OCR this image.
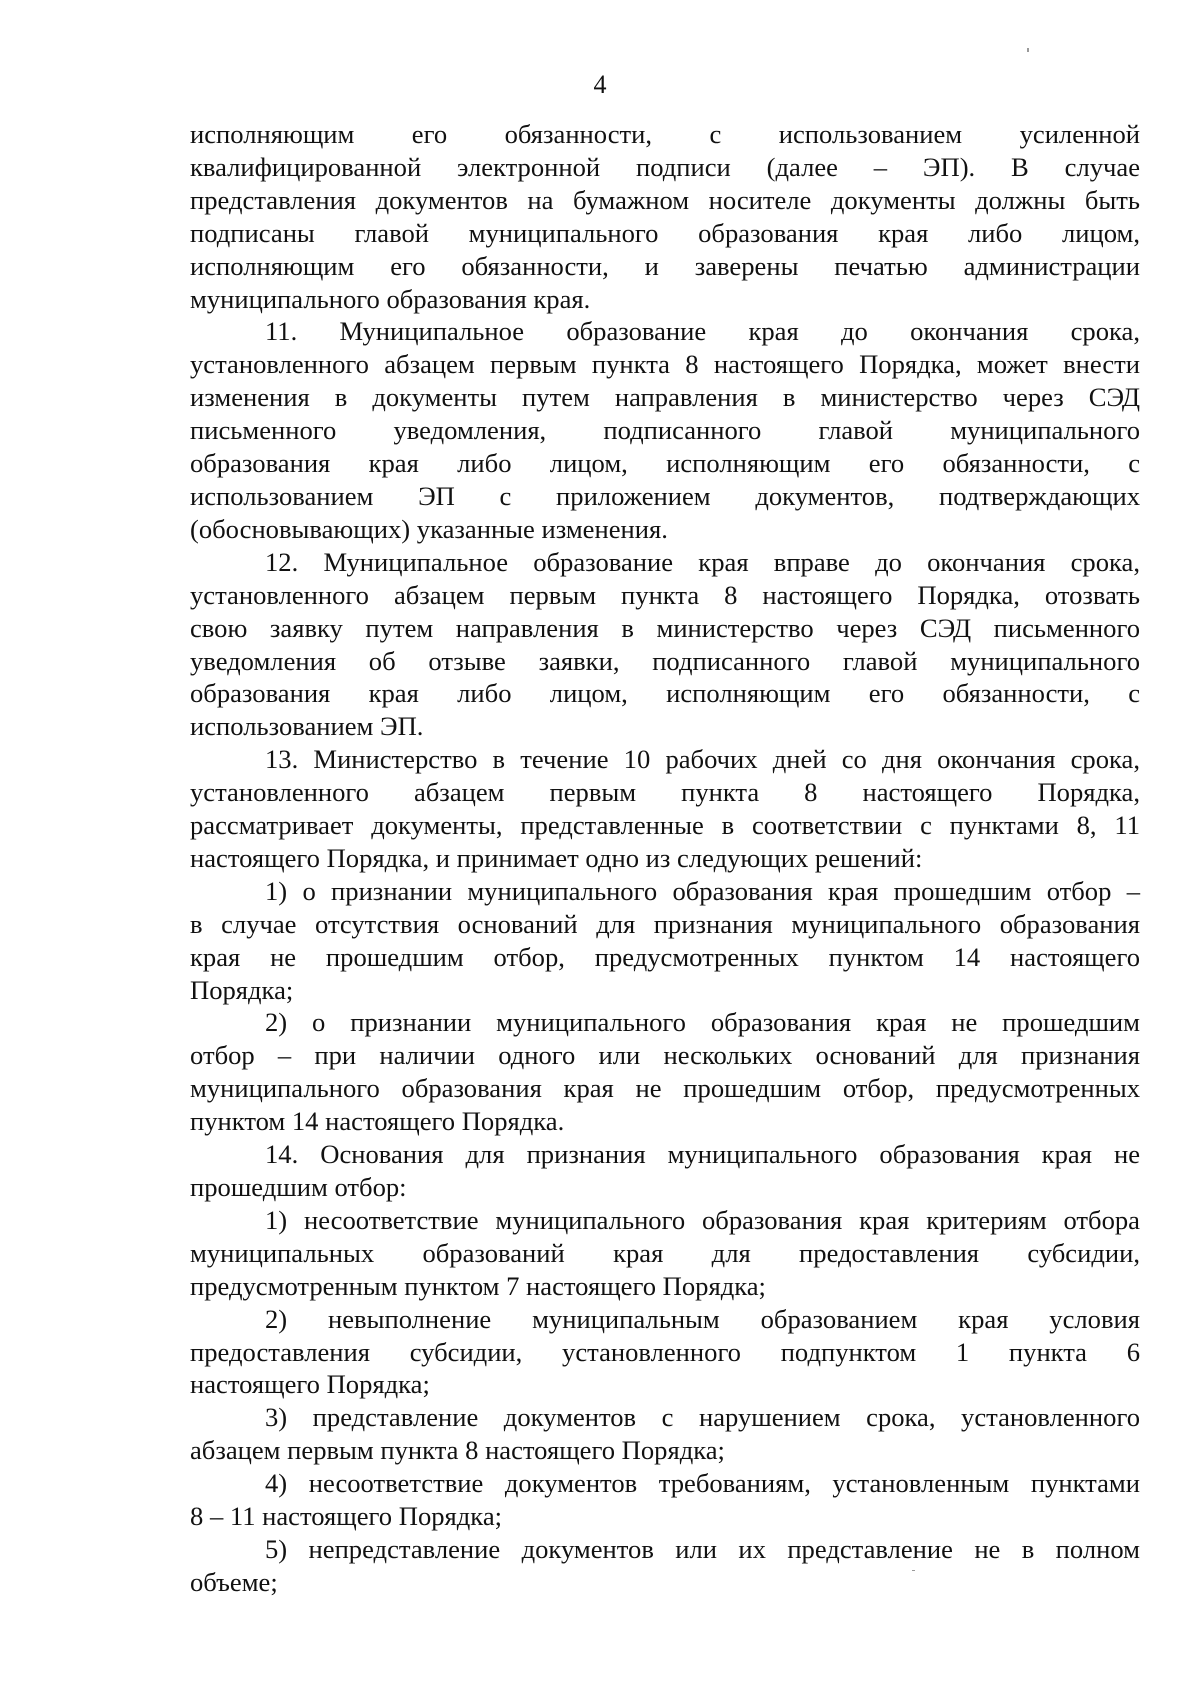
4

исполняющим его обязанности, с использованием усиленной
квалифицированной электронной подписи (далее – ЭП). В случае
представления документов на бумажном носителе документы должны быть
подписаны главой муниципального образования края либо лицом,
исполняющим его обязанности, и заверены печатью администрации
муниципального образования края.

11. Муниципальное образование края до окончания срока,
установленного абзацем первым пункта 8 настоящего Порядка, может внести
изменения в документы путем направления в министерство через СЭД
письменного уведомления, подписанного главой муниципального
образования края либо лицом, исполняющим его обязанности, с
использованием ЭП с приложением документов, подтверждающих
(обосновывающих) указанные изменения.

12. Муниципальное образование края вправе до окончания срока,
установленного абзацем первым пункта 8 настоящего Порядка, отозвать
свою заявку путем направления в министерство через СЭД письменного
уведомления об отзыве заявки, подписанного главой муниципального
образования края либо лицом, исполняющим его обязанности, с
использованием ЭП.

13. Министерство в течение 10 рабочих дней со дня окончания срока,
установленного абзацем первым пункта 8 настоящего Порядка,
рассматривает документы, представленные в соответствии с пунктами 8, 11
настоящего Порядка, и принимает одно из следующих решений:

1) о признании муниципального образования края прошедшим отбор –
в случае отсутствия оснований для признания муниципального образования
края не прошедшим отбор, предусмотренных пунктом 14 настоящего
Порядка;

2) о признании муниципального образования края не прошедшим
отбор – при наличии одного или нескольких оснований для признания
муниципального образования края не прошедшим отбор, предусмотренных
пунктом 14 настоящего Порядка.

14. Основания для признания муниципального образования края не
прошедшим отбор:

1) несоответствие муниципального образования края критериям отбора
муниципальных образований края для предоставления субсидии,
предусмотренным пунктом 7 настоящего Порядка;

2) невыполнение муниципальным образованием края условия
предоставления субсидии, установленного подпунктом 1 пункта 6
настоящего Порядка;

3) представление документов с нарушением срока, установленного
абзацем первым пункта 8 настоящего Порядка;

4) несоответствие документов требованиям, установленным пунктами
8 – 11 настоящего Порядка;

5) непредставление документов или их представление не в полном
объеме;
